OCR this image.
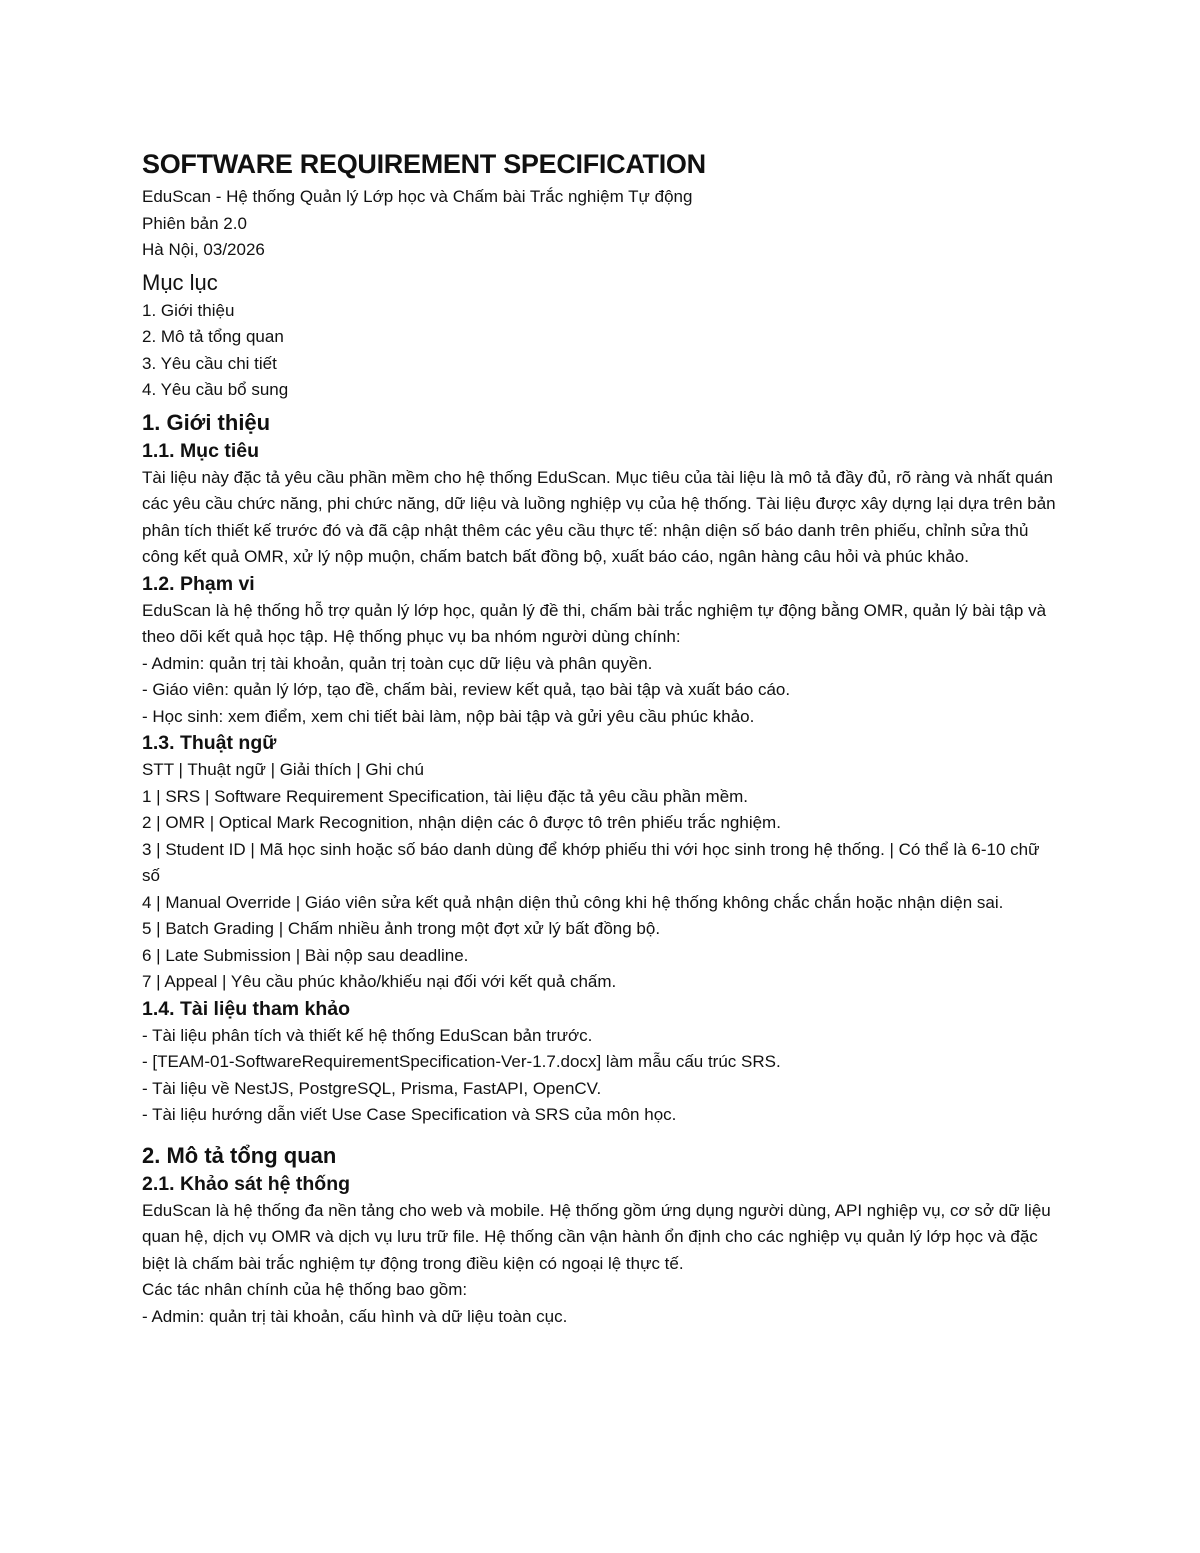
SOFTWARE REQUIREMENT SPECIFICATION

EduScan - Hệ thống Quản lý Lớp học và Chấm bài Trắc nghiệm Tự động

Phiên bản 2.0

Hà Nội, 03/2026

Mục lục

1. Giới thiệu

2. Mô tả tổng quan

3. Yêu cầu chi tiết

4. Yêu cầu bổ sung

1. Giới thiệu
1.1. Mục tiêu

Tài liệu này đặc tả yêu cầu phần mềm cho hệ thống EduScan. Mục tiêu của tài liệu là mô tả đầy đủ, rõ ràng và nhất quán các yêu cầu chức năng, phi chức năng, dữ liệu và luồng nghiệp vụ của hệ thống. Tài liệu được xây dựng lại dựa trên bản phân tích thiết kế trước đó và đã cập nhật thêm các yêu cầu thực tế: nhận diện số báo danh trên phiếu, chỉnh sửa thủ công kết quả OMR, xử lý nộp muộn, chấm batch bất đồng bộ, xuất báo cáo, ngân hàng câu hỏi và phúc khảo.

1.2. Phạm vi

EduScan là hệ thống hỗ trợ quản lý lớp học, quản lý đề thi, chấm bài trắc nghiệm tự động bằng OMR, quản lý bài tập và theo dõi kết quả học tập. Hệ thống phục vụ ba nhóm người dùng chính:

- Admin: quản trị tài khoản, quản trị toàn cục dữ liệu và phân quyền.

- Giáo viên: quản lý lớp, tạo đề, chấm bài, review kết quả, tạo bài tập và xuất báo cáo.

- Học sinh: xem điểm, xem chi tiết bài làm, nộp bài tập và gửi yêu cầu phúc khảo.

1.3. Thuật ngữ

STT | Thuật ngữ | Giải thích | Ghi chú

1 | SRS | Software Requirement Specification, tài liệu đặc tả yêu cầu phần mềm.

2 | OMR | Optical Mark Recognition, nhận diện các ô được tô trên phiếu trắc nghiệm.

3 | Student ID | Mã học sinh hoặc số báo danh dùng để khớp phiếu thi với học sinh trong hệ thống. | Có thể là 6-10 chữ số

4 | Manual Override | Giáo viên sửa kết quả nhận diện thủ công khi hệ thống không chắc chắn hoặc nhận diện sai.

5 | Batch Grading | Chấm nhiều ảnh trong một đợt xử lý bất đồng bộ.

6 | Late Submission | Bài nộp sau deadline.

7 | Appeal | Yêu cầu phúc khảo/khiếu nại đối với kết quả chấm.

1.4. Tài liệu tham khảo

- Tài liệu phân tích và thiết kế hệ thống EduScan bản trước.

- [TEAM-01-SoftwareRequirementSpecification-Ver-1.7.docx] làm mẫu cấu trúc SRS.

- Tài liệu về NestJS, PostgreSQL, Prisma, FastAPI, OpenCV.

- Tài liệu hướng dẫn viết Use Case Specification và SRS của môn học.

2. Mô tả tổng quan
2.1. Khảo sát hệ thống

EduScan là hệ thống đa nền tảng cho web và mobile. Hệ thống gồm ứng dụng người dùng, API nghiệp vụ, cơ sở dữ liệu quan hệ, dịch vụ OMR và dịch vụ lưu trữ file. Hệ thống cần vận hành ổn định cho các nghiệp vụ quản lý lớp học và đặc biệt là chấm bài trắc nghiệm tự động trong điều kiện có ngoại lệ thực tế.

Các tác nhân chính của hệ thống bao gồm:

- Admin: quản trị tài khoản, cấu hình và dữ liệu toàn cục.
